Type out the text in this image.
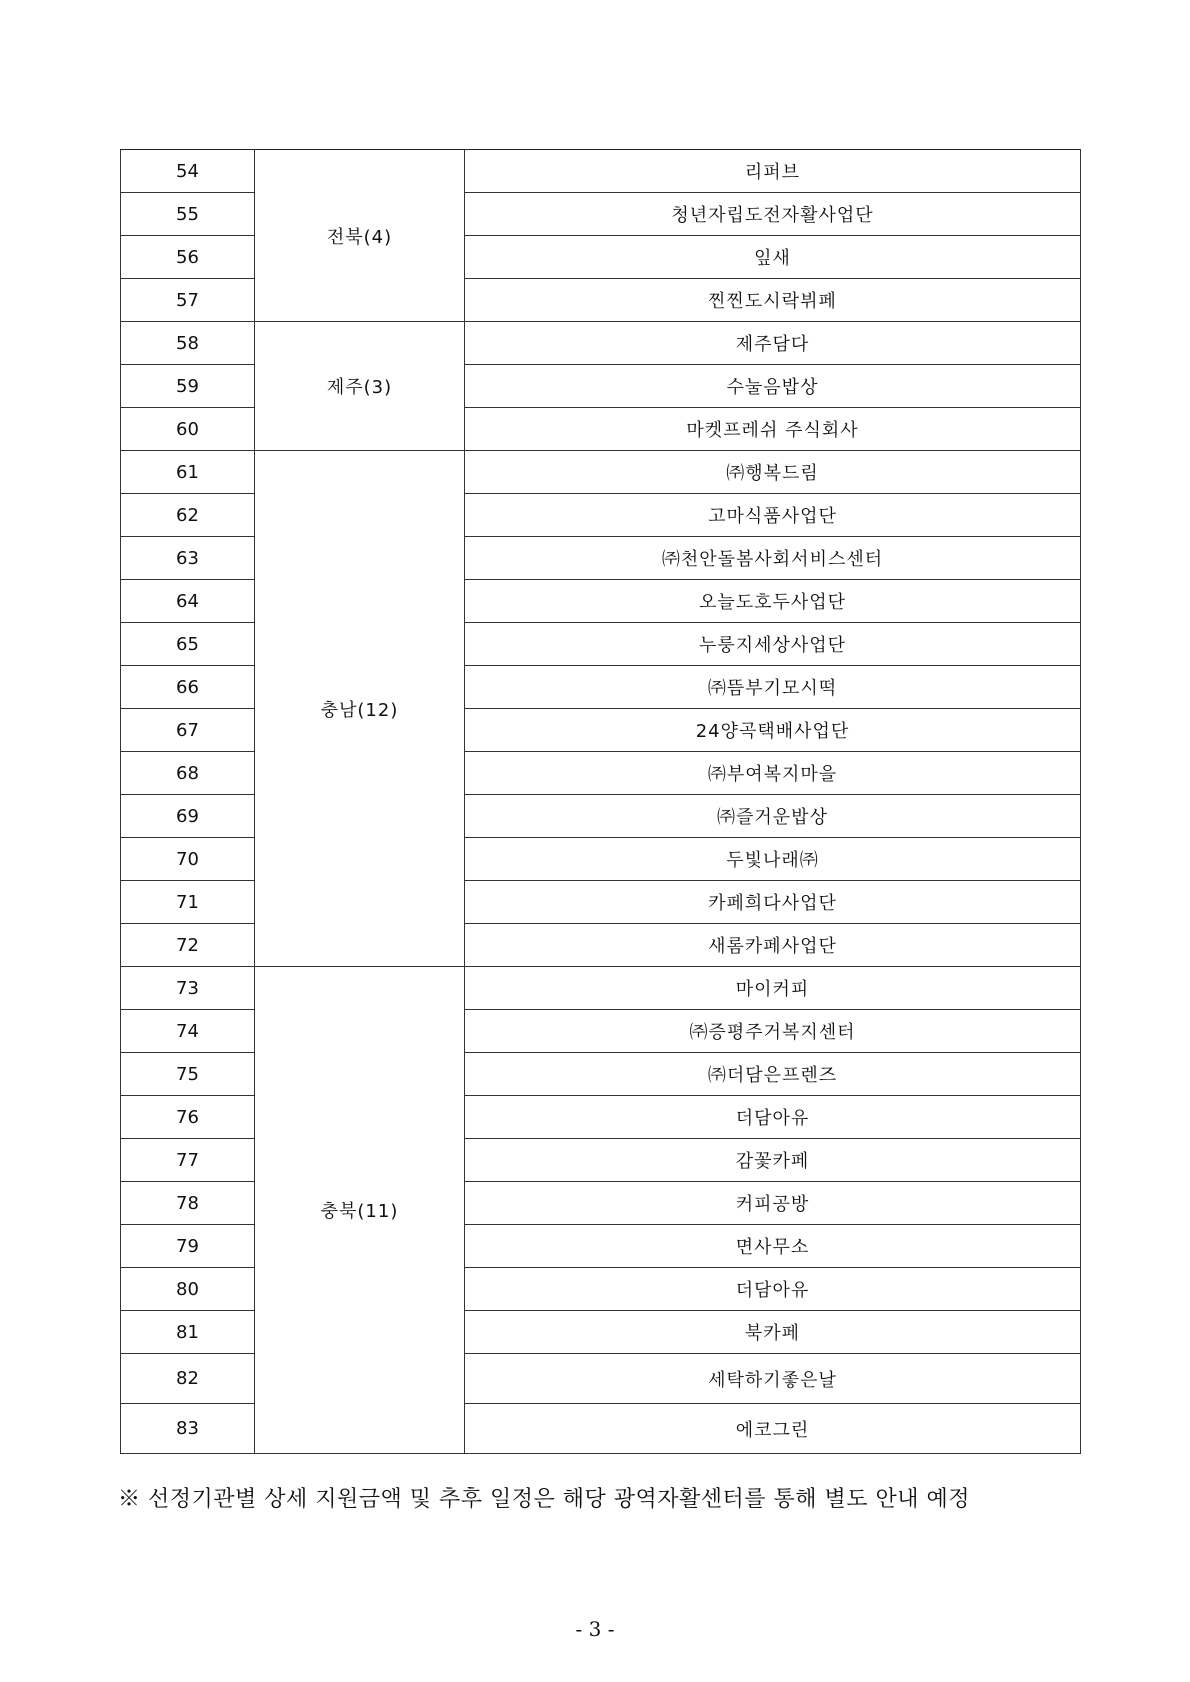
54	전북(4)	리퍼브
55		청년자립도전자활사업단
56		잎새
57		찐찐도시락뷔페
58	제주(3)	제주담다
59		수눌음밥상
60		마켓프레쉬 주식회사
61	충남(12)	㈜행복드림
62		고마식품사업단
63		㈜천안돌봄사회서비스센터
64		오늘도호두사업단
65		누룽지세상사업단
66		㈜뜸부기모시떡
67		24양곡택배사업단
68		㈜부여복지마을
69		㈜즐거운밥상
70		두빛나래㈜
71		카페희다사업단
72		새롬카페사업단
73	충북(11)	마이커피
74		㈜증평주거복지센터
75		㈜더담은프렌즈
76		더담아유
77		감꽃카페
78		커피공방
79		면사무소
80		더담아유
81		북카페
82		세탁하기좋은날
83		에코그린
※ 선정기관별 상세 지원금액 및 추후 일정은 해당 광역자활센터를 통해 별도 안내 예정
- 3 -
